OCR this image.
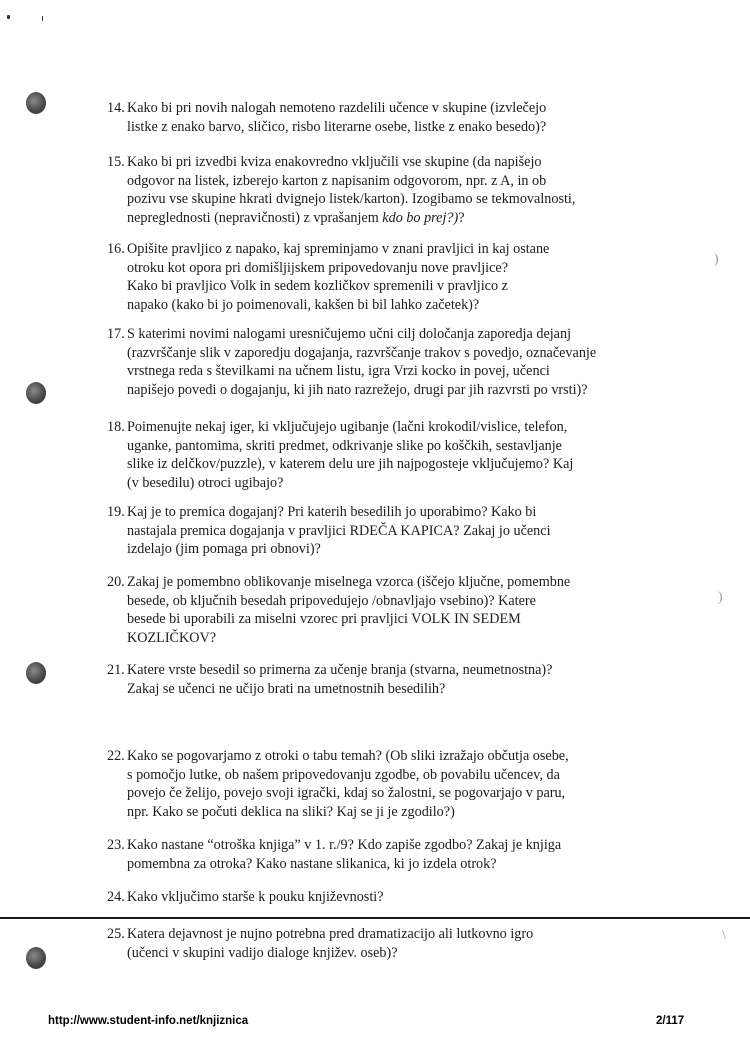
14. Kako bi pri novih nalogah nemoteno razdelili učence v skupine (izvlečejo
listke z enako barvo, sličico, risbo literarne osebe, listke z enako besedo)?
15. Kako bi pri izvedbi kviza enakovredno vključili vse skupine (da napišejo
odgovor na listek, izberejo karton z napisanim odgovorom, npr. z A, in ob
pozivu vse skupine hkrati dvignejo listek/karton). Izogibamo se tekmovalnosti,
nepreglednosti (nepravičnosti) z vprašanjem kdo bo prej?)?
16. Opišite pravljico z napako, kaj spreminjamo v znani pravljici in kaj ostane
otroku kot opora pri domišljijskem pripovedovanju nove pravljice?
Kako bi pravljico Volk in sedem kozličkov spremenili v pravljico z
napako (kako bi jo poimenovali, kakšen bi bil lahko začetek)?
17. S katerimi novimi nalogami uresničujemo učni cilj določanja zaporedja dejanj
(razvrščanje slik v zaporedju dogajanja, razvrščanje trakov s povedjo, označevanje
vrstnega reda s številkami na učnem listu, igra Vrzi kocko in povej, učenci
napišejo povedi o dogajanju, ki jih nato razrežejo, drugi par jih razvrsti po vrsti)?
18. Poimenujte nekaj iger, ki vključujejo ugibanje (lačni krokodil/vislice, telefon,
uganke, pantomima, skriti predmet, odkrivanje slike po koščkih, sestavljanje
slike iz delčkov/puzzle), v katerem delu ure jih najpogosteje vključujemo? Kaj
(v besedilu) otroci ugibajo?
19. Kaj je to premica dogajanj? Pri katerih besedilih jo uporabimo? Kako bi
nastajala premica dogajanja v pravljici RDEČA KAPICA? Zakaj jo učenci
izdelajo (jim pomaga pri obnovi)?
20. Zakaj je pomembno oblikovanje miselnega vzorca (iščejo ključne, pomembne
besede, ob ključnih besedah pripovedujejo /obnavljajo vsebino)? Katere
besede bi uporabili za miselni vzorec pri pravljici VOLK IN SEDEM
KOZLIČKOV?
21. Katere vrste besedil so primerna za učenje branja (stvarna, neumetnostna)?
Zakaj se učenci ne učijo brati na umetnostnih besedilih?
22. Kako se pogovarjamo z otroki o tabu temah? (Ob sliki izražajo občutja osebe,
s pomočjo lutke, ob našem pripovedovanju zgodbe, ob povabilu učencev, da
povejo če želijo, povejo svoji igrački, kdaj so žalostni, se pogovarjajo v paru,
npr. Kako se počuti deklica na sliki? Kaj se ji je zgodilo?)
23. Kako nastane “otroška knjiga” v 1. r./9? Kdo zapiše zgodbo? Zakaj je knjiga
pomembna za otroka? Kako nastane slikanica, ki jo izdela otrok?
24. Kako vključimo starše k pouku književnosti?
25. Katera dejavnost je nujno potrebna pred dramatizacijo ali lutkovno igro
(učenci v skupini vadijo dialoge književ. oseb)?
)
)
\
http://www.student-info.net/knjiznica	2/117
